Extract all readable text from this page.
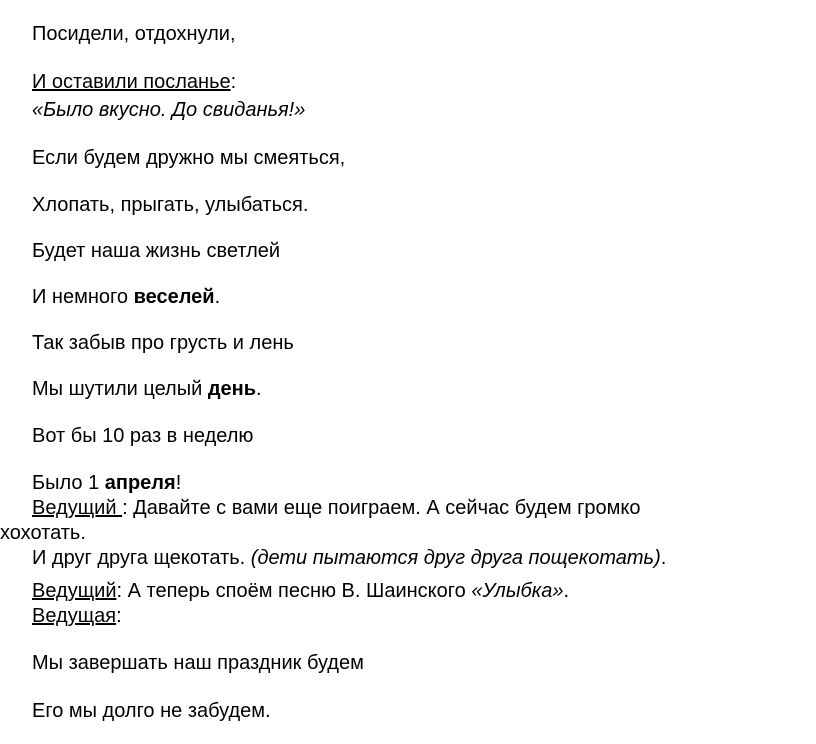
Посидели, отдохнули,

И оставили посланье:

«Было вкусно. До свиданья!»

Если будем дружно мы смеяться,

Хлопать, прыгать, улыбаться.

Будет наша жизнь светлей

И немного веселей.

Так забыв про грусть и лень

Мы шутили целый день.

Вот бы 10 раз в неделю

Было 1 апреля!

Ведущий : Давайте с вами еще поиграем. А сейчас будем громко

хохотать.

И друг друга щекотать. (дети пытаются друг друга пощекотать).

Ведущий: А теперь споём песню В. Шаинского «Улыбка».

Ведущая:

Мы завершать наш праздник будем

Его мы долго не забудем.
